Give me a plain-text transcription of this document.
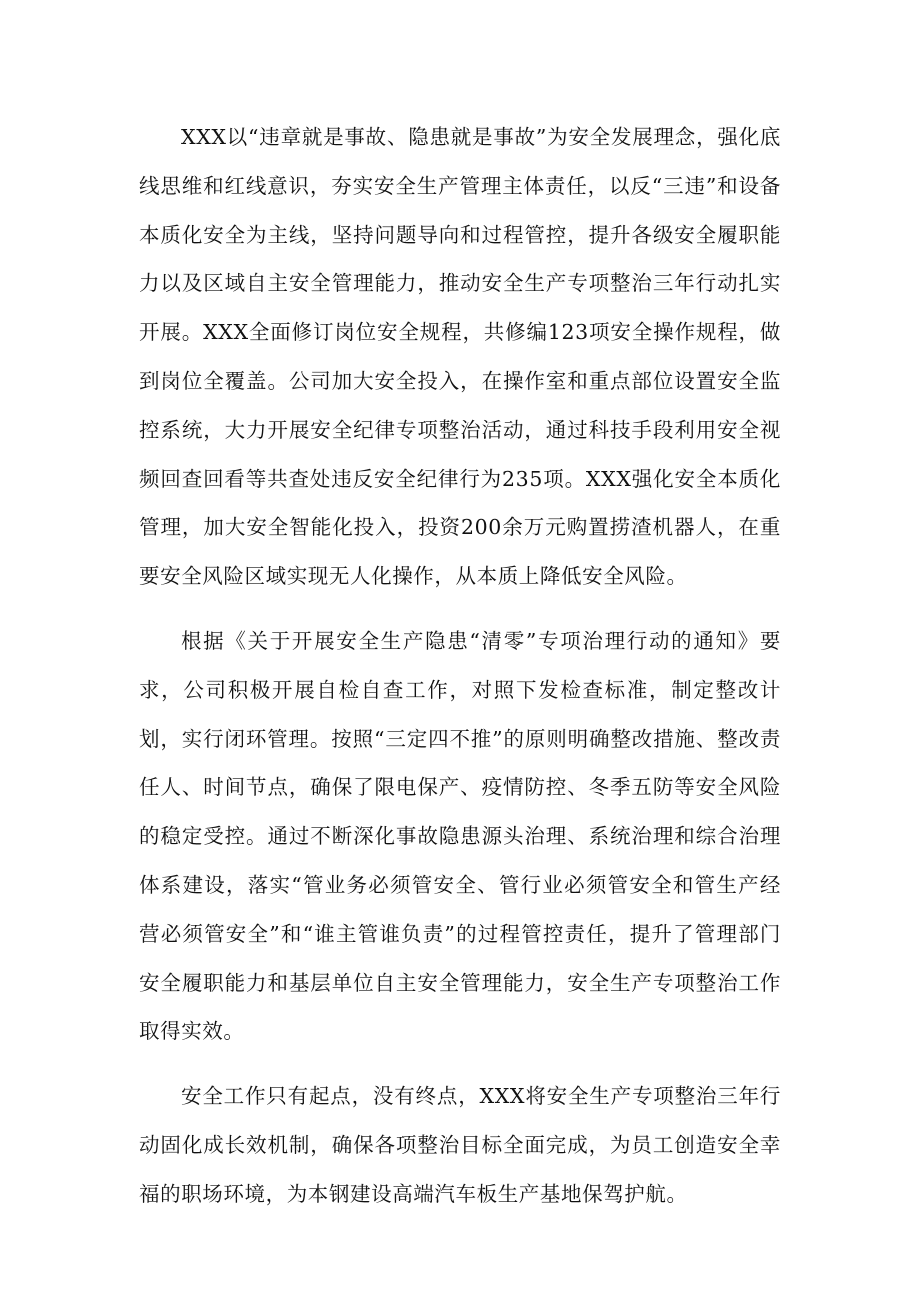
XXX以“违章就是事故、隐患就是事故”为安全发展理念，强化底线思维和红线意识，夯实安全生产管理主体责任，以反“三违”和设备本质化安全为主线，坚持问题导向和过程管控，提升各级安全履职能力以及区域自主安全管理能力，推动安全生产专项整治三年行动扎实开展。XXX全面修订岗位安全规程，共修编123项安全操作规程，做到岗位全覆盖。公司加大安全投入，在操作室和重点部位设置安全监控系统，大力开展安全纪律专项整治活动，通过科技手段利用安全视频回查回看等共查处违反安全纪律行为235项。XXX强化安全本质化管理，加大安全智能化投入，投资200余万元购置捞渣机器人，在重要安全风险区域实现无人化操作，从本质上降低安全风险。

根据《关于开展安全生产隐患“清零”专项治理行动的通知》要求，公司积极开展自检自查工作，对照下发检查标准，制定整改计划，实行闭环管理。按照“三定四不推”的原则明确整改措施、整改责任人、时间节点，确保了限电保产、疫情防控、冬季五防等安全风险的稳定受控。通过不断深化事故隐患源头治理、系统治理和综合治理体系建设，落实“管业务必须管安全、管行业必须管安全和管生产经营必须管安全”和“谁主管谁负责”的过程管控责任，提升了管理部门安全履职能力和基层单位自主安全管理能力，安全生产专项整治工作取得实效。

安全工作只有起点，没有终点，XXX将安全生产专项整治三年行动固化成长效机制，确保各项整治目标全面完成，为员工创造安全幸福的职场环境，为本钢建设高端汽车板生产基地保驾护航。
